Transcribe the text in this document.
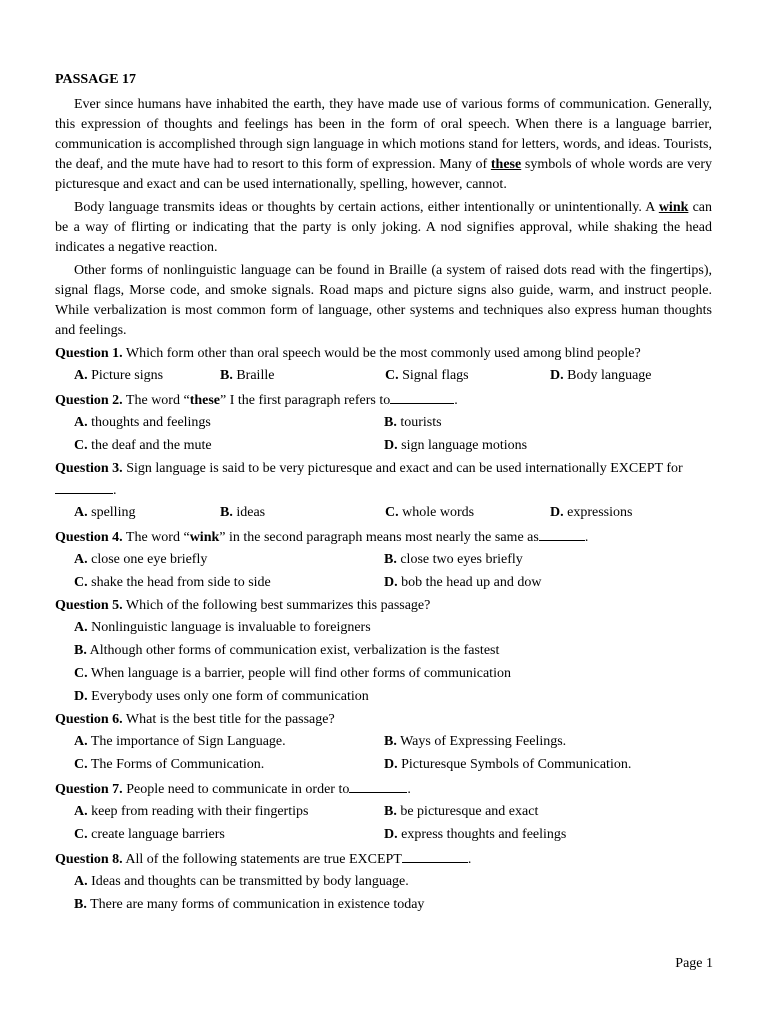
PASSAGE 17

Ever since humans have inhabited the earth, they have made use of various forms of communication. Generally, this expression of thoughts and feelings has been in the form of oral speech. When there is a language barrier, communication is accomplished through sign language in which motions stand for letters, words, and ideas. Tourists, the deaf, and the mute have had to resort to this form of expression. Many of these symbols of whole words are very picturesque and exact and can be used internationally, spelling, however, cannot.

Body language transmits ideas or thoughts by certain actions, either intentionally or unintentionally. A wink can be a way of flirting or indicating that the party is only joking. A nod signifies approval, while shaking the head indicates a negative reaction.

Other forms of nonlinguistic language can be found in Braille (a system of raised dots read with the fingertips), signal flags, Morse code, and smoke signals. Road maps and picture signs also guide, warm, and instruct people. While verbalization is most common form of language, other systems and techniques also express human thoughts and feelings.

Question 1. Which form other than oral speech would be the most commonly used among blind people?
A. Picture signs	B. Braille	C. Signal flags	D. Body language
Question 2. The word “these” I the first paragraph refers to	.
A. thoughts and feelings	B. tourists
C. the deaf and the mute	D. sign language motions
Question 3. Sign language is said to be very picturesque and exact and can be used internationally EXCEPT for.
A. spelling	B. ideas	C. whole words	D. expressions
Question 4. The word “wink” in the second paragraph means most nearly the same as	.
A. close one eye briefly	B. close two eyes briefly
C. shake the head from side to side	D. bob the head up and dow
Question 5. Which of the following best summarizes this passage?
A. Nonlinguistic language is invaluable to foreigners
B. Although other forms of communication exist, verbalization is the fastest
C. When language is a barrier, people will find other forms of communication
D. Everybody uses only one form of communication
Question 6. What is the best title for the passage?
A. The importance of Sign Language.	B. Ways of Expressing Feelings.
C. The Forms of Communication.	D. Picturesque Symbols of Communication.
Question 7. People need to communicate in order to	.
A. keep from reading with their fingertips	B. be picturesque and exact
C. create language barriers	D. express thoughts and feelings
Question 8. All of the following statements are true EXCEPT	.
A. Ideas and thoughts can be transmitted by body language.
B. There are many forms of communication in existence today
Page 1
